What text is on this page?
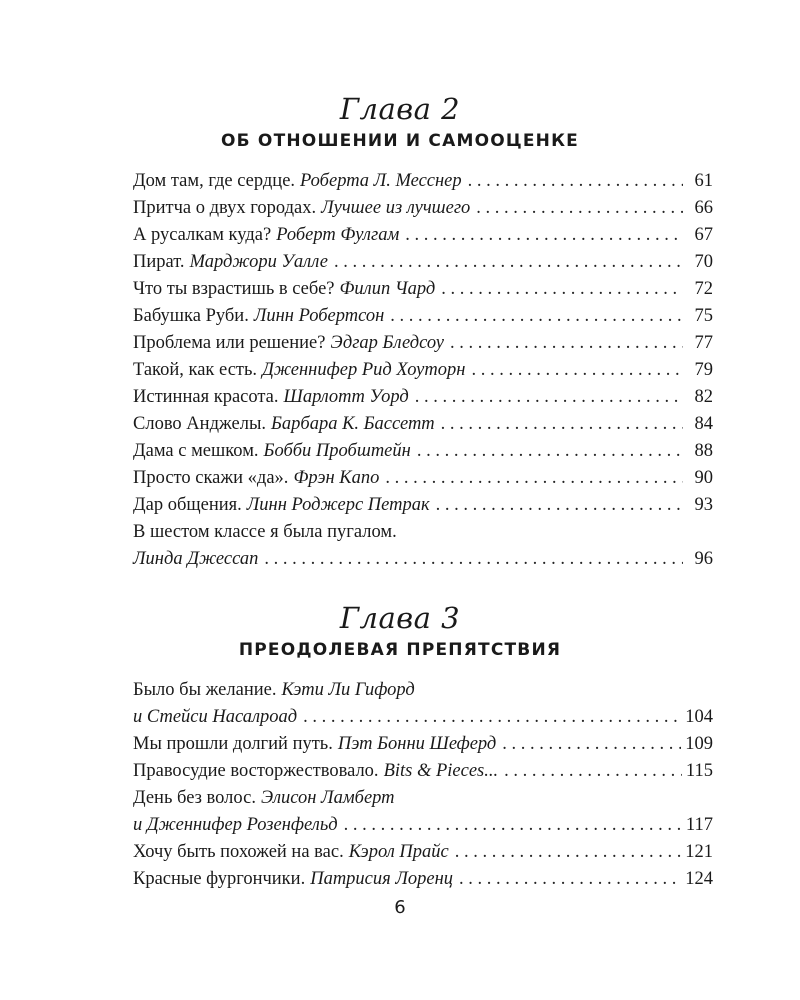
Глава 2
ОБ ОТНОШЕНИИ И САМООЦЕНКЕ
Дом там, где сердце. Роберта Л. Месснер . . .	61
Притча о двух городах. Лучшее из лучшего . . .	66
А русалкам куда? Роберт Фулгам . . .	67
Пират. Марджори Уалле . . .	70
Что ты взрастишь в себе? Филип Чард . . .	72
Бабушка Руби. Линн Робертсон . . .	75
Проблема или решение? Эдгар Бледсоу . . .	77
Такой, как есть. Дженнифер Рид Хоуторн . . .	79
Истинная красота. Шарлотт Уорд . . .	82
Слово Анджелы. Барбара К. Бассетт . . .	84
Дама с мешком. Бобби Пробштейн . . .	88
Просто скажи «да». Фрэн Капо . . .	90
Дар общения. Линн Роджерс Петрак . . .	93
В шестом классе я была пугалом.
Линда Джессап . . .	96
Глава 3
ПРЕОДОЛЕВАЯ ПРЕПЯТСТВИЯ
Было бы желание. Кэти Ли Гифорд
и Стейси Насалроад . . .	104
Мы прошли долгий путь. Пэт Бонни Шеферд . . .	109
Правосудие восторжествовало. Bits & Pieces... . . .	115
День без волос. Элисон Ламберт
и Дженнифер Розенфельд . . .	117
Хочу быть похожей на вас. Кэрол Прайс . . .	121
Красные фургончики. Патрисия Лоренц . . .	124
6
